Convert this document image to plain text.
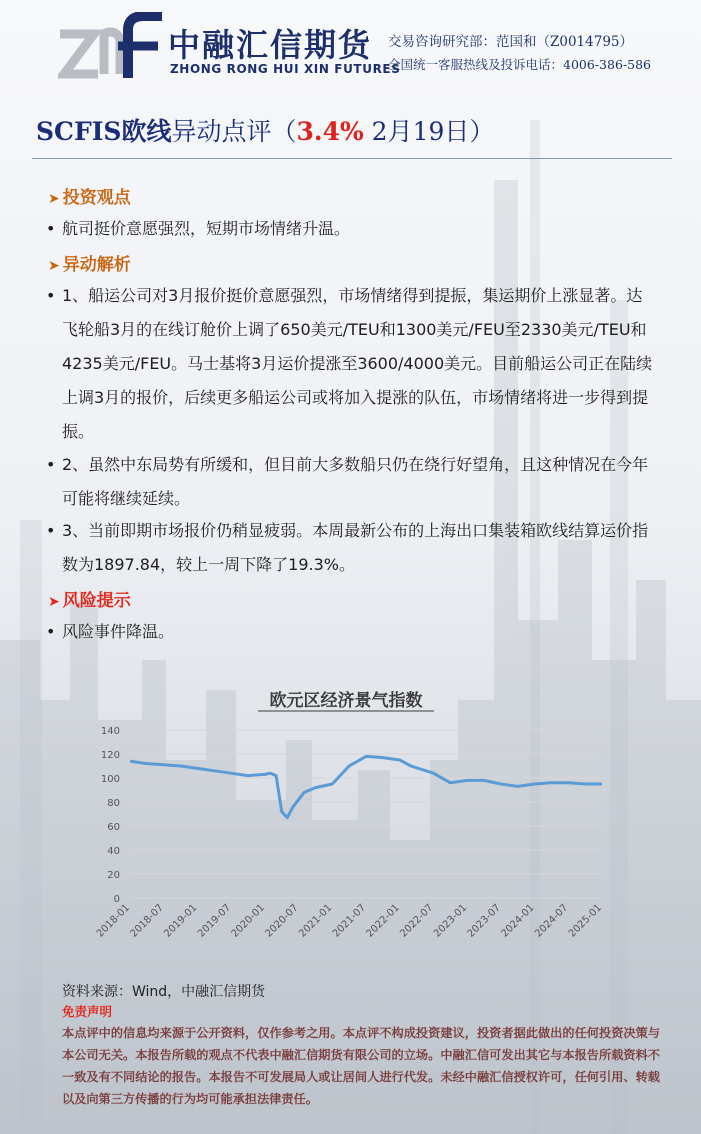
中融汇信期货
ZHONG RONG HUI XIN FUTURES
交易咨询研究部：范国和（Z0014795）
全国统一客服热线及投诉电话：4006-386-586
SCFIS欧线异动点评（3.4% 2月19日）
➤ 投资观点
• 航司挺价意愿强烈，短期市场情绪升温。
➤ 异动解析
• 1、船运公司对3月报价挺价意愿强烈，市场情绪得到提振，集运期价上涨显著。达飞轮船3月的在线订舱价上调了650美元/TEU和1300美元/FEU至2330美元/TEU和4235美元/FEU。马士基将3月运价提涨至3600/4000美元。目前船运公司正在陆续上调3月的报价，后续更多船运公司或将加入提涨的队伍，市场情绪将进一步得到提振。
• 2、虽然中东局势有所缓和，但目前大多数船只仍在绕行好望角，且这种情况在今年可能将继续延续。
• 3、当前即期市场报价仍稍显疲弱。本周最新公布的上海出口集装箱欧线结算运价指数为1897.84，较上一周下降了19.3%。
➤ 风险提示
• 风险事件降温。
欧元区经济景气指数
0
20
40
60
80
100
120
140
2018-01
2018-07
2019-01
2019-07
2020-01
2020-07
2021-01
2021-07
2022-01
2022-07
2023-01
2023-07
2024-01
2024-07
2025-01
资料来源：Wind，中融汇信期货
免责声明
本点评中的信息均来源于公开资料，仅作参考之用。本点评不构成投资建议，投资者据此做出的任何投资决策与本公司无关。本报告所载的观点不代表中融汇信期货有限公司的立场。中融汇信可发出其它与本报告所载资料不一致及有不同结论的报告。本报告不可发展局人或让居间人进行代发。未经中融汇信授权许可，任何引用、转载以及向第三方传播的行为均可能承担法律责任。
